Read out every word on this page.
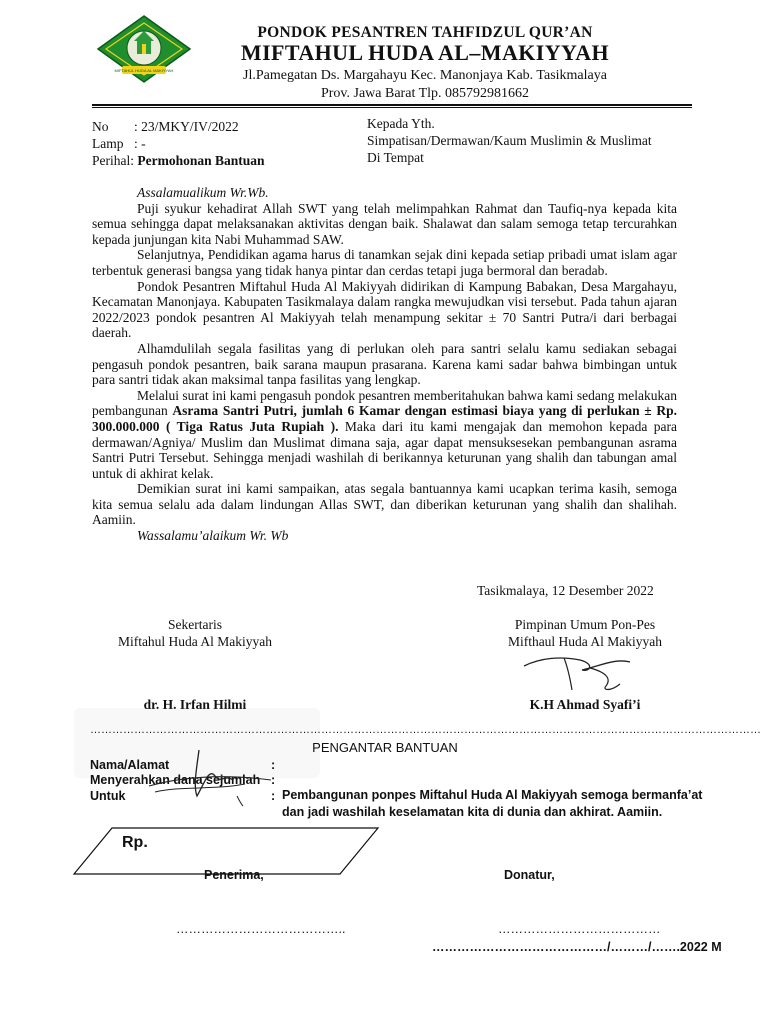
MIFTAHUL HUDA AL MAKIYYAH
PONDOK PESANTREN TAHFIDZUL QUR’AN
MIFTAHUL HUDA AL–MAKIYYAH
Jl.Pamegatan Ds. Margahayu Kec. Manonjaya Kab. Tasikmalaya
Prov. Jawa Barat Tlp. 085792981662
No : 23/MKY/IV/2022
Lamp : -
Perihal: Permohonan Bantuan
Kepada Yth.
Simpatisan/Dermawan/Kaum Muslimin & Muslimat
Di Tempat

Assalamualikum Wr.Wb.

Puji syukur kehadirat Allah SWT yang telah melimpahkan Rahmat dan Taufiq-nya kepada kita semua sehingga dapat melaksanakan aktivitas dengan baik. Shalawat dan salam semoga tetap tercurahkan kepada junjungan kita Nabi Muhammad SAW.

Selanjutnya, Pendidikan agama harus di tanamkan sejak dini kepada setiap pribadi umat islam agar terbentuk generasi bangsa yang tidak hanya pintar dan cerdas tetapi juga bermoral dan beradab.

Pondok Pesantren Miftahul Huda Al Makiyyah didirikan di Kampung Babakan, Desa Margahayu, Kecamatan Manonjaya. Kabupaten Tasikmalaya dalam rangka mewujudkan visi tersebut. Pada tahun ajaran 2022/2023 pondok pesantren Al Makiyyah telah menampung sekitar ± 70 Santri Putra/i dari berbagai daerah.

Alhamdulilah segala fasilitas yang di perlukan oleh para santri selalu kamu sediakan sebagai pengasuh pondok pesantren, baik sarana maupun prasarana. Karena kami sadar bahwa bimbingan untuk para santri tidak akan maksimal tanpa fasilitas yang lengkap.

Melalui surat ini kami pengasuh pondok pesantren memberitahukan bahwa kami sedang melakukan pembangunan Asrama Santri Putri, jumlah 6 Kamar dengan estimasi biaya yang di perlukan ± Rp. 300.000.000 ( Tiga Ratus Juta Rupiah ). Maka dari itu kami mengajak dan memohon kepada para dermawan/Agniya/ Muslim dan Muslimat dimana saja, agar dapat mensuksesekan pembangunan asrama Santri Putri Tersebut. Sehingga menjadi washilah di berikannya keturunan yang shalih dan tabungan amal untuk di akhirat kelak.

Demikian surat ini kami sampaikan, atas segala bantuannya kami ucapkan terima kasih, semoga kita semua selalu ada dalam lindungan Allas SWT, dan diberikan keturunan yang shalih dan shalihah. Aamiin.

Wassalamu’alaikum Wr. Wb

Tasikmalaya, 12 Desember 2022
Sekertaris
Miftahul Huda Al Makiyyah
dr. H. Irfan Hilmi
Pimpinan Umum Pon-Pes
Mifthaul Huda Al Makiyyah
K.H Ahmad Syafi’i
…………………………………………………………………………………………………………………………………………………………………
PENGANTAR BANTUAN
Nama/Alamat	:
Menyerahkan dana sejumlah :
Untuk	: Pembangunan ponpes Miftahul Huda Al Makiyyah semoga bermanfa’at
dan jadi washilah keselamatan kita di dunia dan akhirat. Aamiin.
Rp.
Penerima,	Donatur,
…………………………………..	…………………………………
……………………………………/………/…….2022 M
